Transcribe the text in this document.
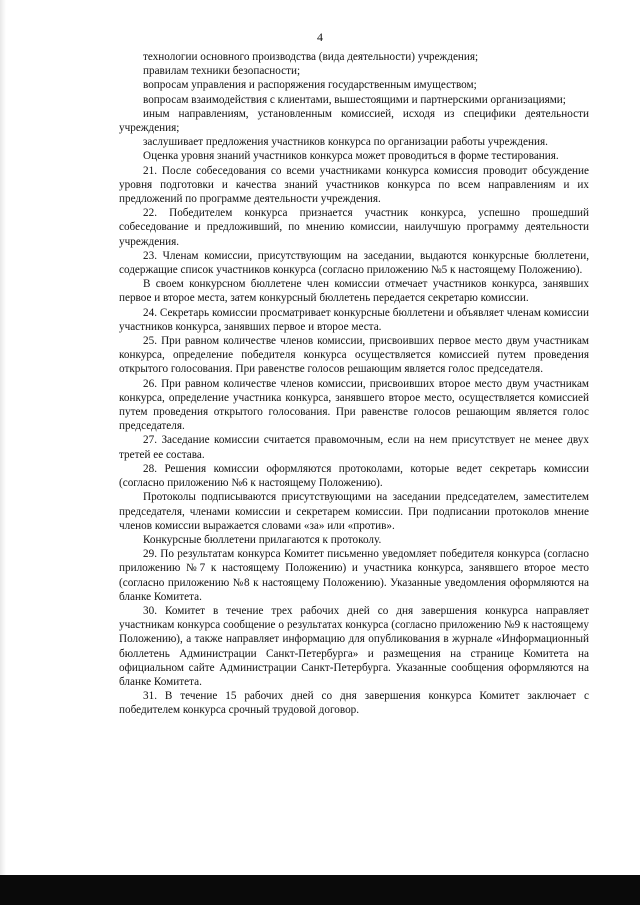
4

технологии основного производства (вида деятельности) учреждения;

правилам техники безопасности;

вопросам управления и распоряжения государственным имуществом;

вопросам взаимодействия с клиентами, вышестоящими и партнерскими организациями;

иным направлениям, установленным комиссией, исходя из специфики деятельности учреждения;

заслушивает предложения участников конкурса по организации работы учреждения.

Оценка уровня знаний участников конкурса может проводиться в форме тестирования.

21. После собеседования со всеми участниками конкурса комиссия проводит обсуждение уровня подготовки и качества знаний участников конкурса по всем направлениям и их предложений по программе деятельности учреждения.

22. Победителем конкурса признается участник конкурса, успешно прошедший собеседование и предложивший, по мнению комиссии, наилучшую программу деятельности учреждения.

23. Членам комиссии, присутствующим на заседании, выдаются конкурсные бюллетени, содержащие список участников конкурса (согласно приложению №5 к настоящему Положению).

В своем конкурсном бюллетене член комиссии отмечает участников конкурса, занявших первое и второе места, затем конкурсный бюллетень передается секретарю комиссии.

24. Секретарь комиссии просматривает конкурсные бюллетени и объявляет членам комиссии участников конкурса, занявших первое и второе места.

25. При равном количестве членов комиссии, присвоивших первое место двум участникам конкурса, определение победителя конкурса осуществляется комиссией путем проведения открытого голосования. При равенстве голосов решающим является голос председателя.

26. При равном количестве членов комиссии, присвоивших второе место двум участникам конкурса, определение участника конкурса, занявшего второе место, осуществляется комиссией путем проведения открытого голосования. При равенстве голосов решающим является голос председателя.

27. Заседание комиссии считается правомочным, если на нем присутствует не менее двух третей ее состава.

28. Решения комиссии оформляются протоколами, которые ведет секретарь комиссии (согласно приложению №6 к настоящему Положению).

Протоколы подписываются присутствующими на заседании председателем, заместителем председателя, членами комиссии и секретарем комиссии. При подписании протоколов мнение членов комиссии выражается словами «за» или «против».

Конкурсные бюллетени прилагаются к протоколу.

29. По результатам конкурса Комитет письменно уведомляет победителя конкурса (согласно приложению №7 к настоящему Положению) и участника конкурса, занявшего второе место (согласно приложению №8 к настоящему Положению). Указанные уведомления оформляются на бланке Комитета.

30. Комитет в течение трех рабочих дней со дня завершения конкурса направляет участникам конкурса сообщение о результатах конкурса (согласно приложению №9 к настоящему Положению), а также направляет информацию для опубликования в журнале «Информационный бюллетень Администрации Санкт-Петербурга» и размещения на странице Комитета на официальном сайте Администрации Санкт-Петербурга. Указанные сообщения оформляются на бланке Комитета.

31. В течение 15 рабочих дней со дня завершения конкурса Комитет заключает с победителем конкурса срочный трудовой договор.
